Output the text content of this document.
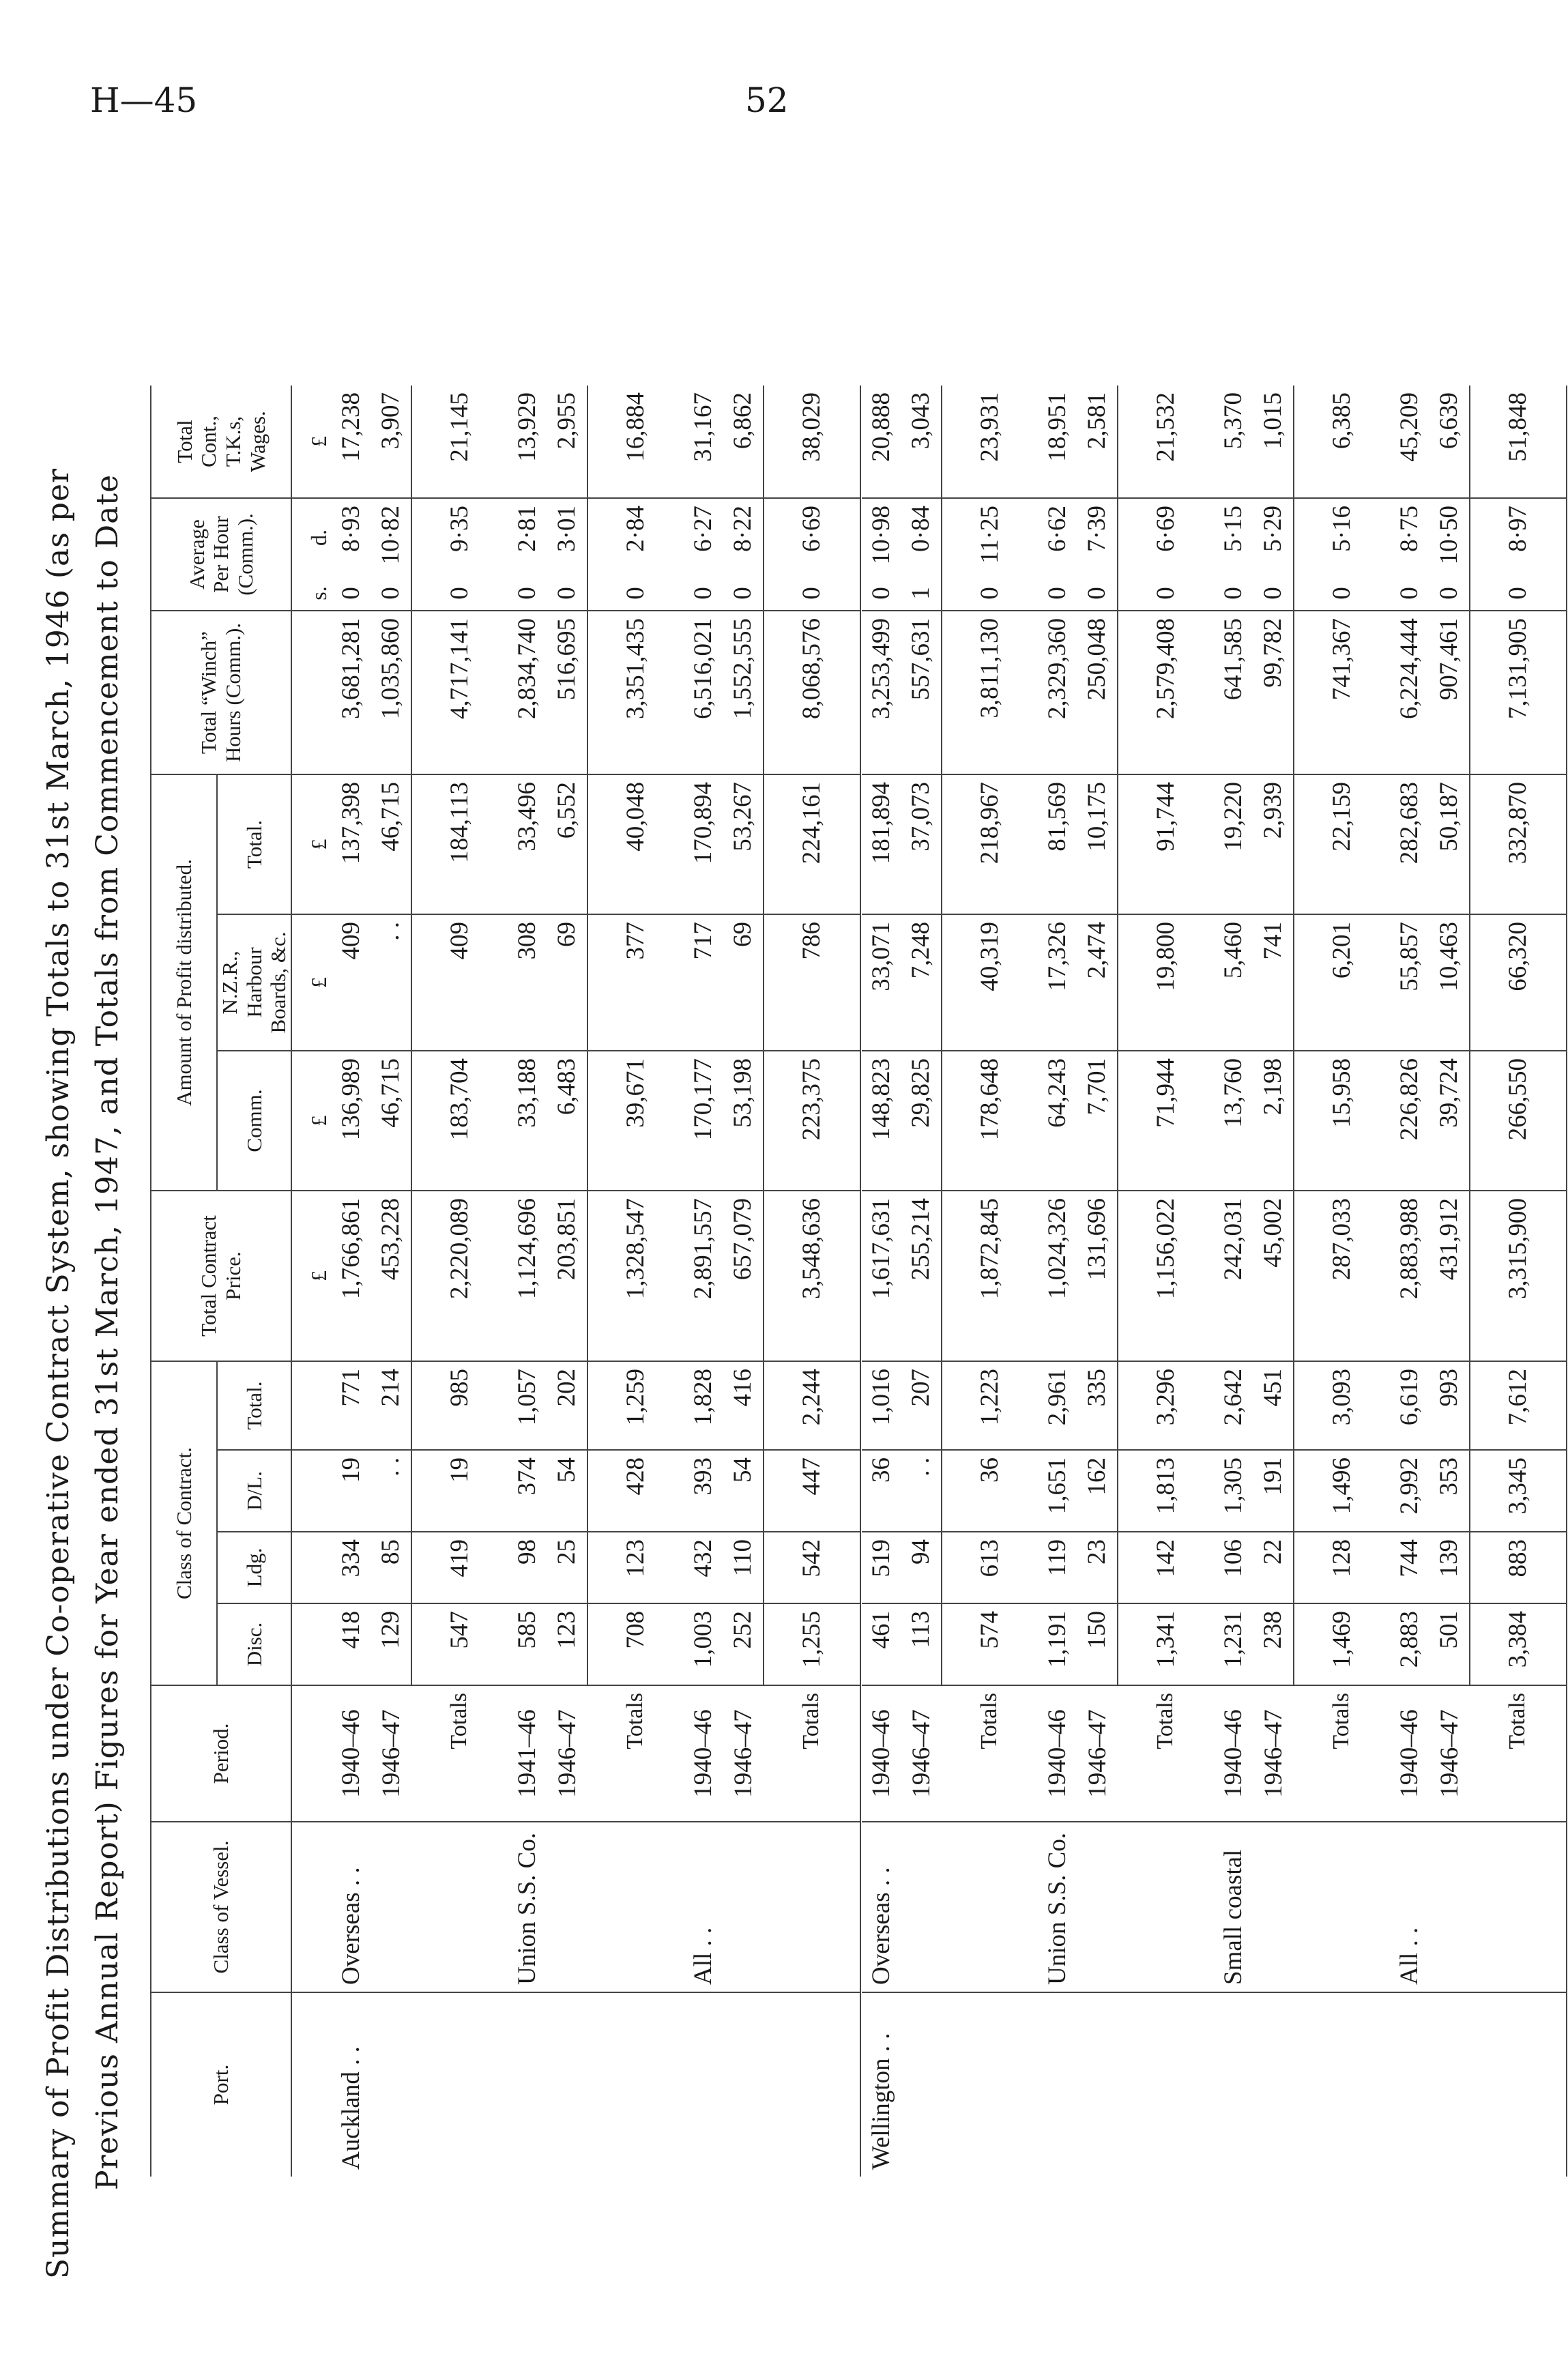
H—45	52
Summary of Profit Distributions under Co-operative Contract System, showing Totals to 31st March, 1946 (as per Previous Annual Report) Figures for Year ended 31st March, 1947, and Totals from Commencement to Date	Port.	Class of Vessel.	Period.	Class of Contract.				Total Contract Price.	Amount of Profit distributed.			Total “Winch” Hours (Comm.).	Average Per Hour (Comm.).		Total Cont., T.K.s, Wages.
			Disc.	Ldg.	D/L.	Total.		Comm.	N.Z.R., Harbour Boards, &c.	Total.				
							£	£	£	£		s.	d.	£
Auckland . .	Overseas . .	1940–46	418	334	19	771	1,766,861	136,989	409	137,398	3,681,281	0	8·93	17,238
		1946–47	129	85	. .	214	453,228	46,715	. .	46,715	1,035,860	0	10·82	3,907
		Totals	547	419	19	985	2,220,089	183,704	409	184,113	4,717,141	0	9·35	21,145
	Union S.S. Co.	1941–46	585	98	374	1,057	1,124,696	33,188	308	33,496	2,834,740	0	2·81	13,929
		1946–47	123	25	54	202	203,851	6,483	69	6,552	516,695	0	3·01	2,955
		Totals	708	123	428	1,259	1,328,547	39,671	377	40,048	3,351,435	0	2·84	16,884
	All . .	1940–46	1,003	432	393	1,828	2,891,557	170,177	717	170,894	6,516,021	0	6·27	31,167
		1946–47	252	110	54	416	657,079	53,198	69	53,267	1,552,555	0	8·22	6,862
		Totals	1,255	542	447	2,244	3,548,636	223,375	786	224,161	8,068,576	0	6·69	38,029

Wellington . .	Overseas . .	1940–46	461	519	36	1,016	1,617,631	148,823	33,071	181,894	3,253,499	0	10·98	20,888
		1946–47	113	94	. .	207	255,214	29,825	7,248	37,073	557,631	1	0·84	3,043
		Totals	574	613	36	1,223	1,872,845	178,648	40,319	218,967	3,811,130	0	11·25	23,931
	Union S.S. Co.	1940–46	1,191	119	1,651	2,961	1,024,326	64,243	17,326	81,569	2,329,360	0	6·62	18,951
		1946–47	150	23	162	335	131,696	7,701	2,474	10,175	250,048	0	7·39	2,581
		Totals	1,341	142	1,813	3,296	1,156,022	71,944	19,800	91,744	2,579,408	0	6·69	21,532
	Small coastal	1940–46	1,231	106	1,305	2,642	242,031	13,760	5,460	19,220	641,585	0	5·15	5,370
		1946–47	238	22	191	451	45,002	2,198	741	2,939	99,782	0	5·29	1,015
		Totals	1,469	128	1,496	3,093	287,033	15,958	6,201	22,159	741,367	0	5·16	6,385
	All . .	1940–46	2,883	744	2,992	6,619	2,883,988	226,826	55,857	282,683	6,224,444	0	8·75	45,209
		1946–47	501	139	353	993	431,912	39,724	10,463	50,187	907,461	0	10·50	6,639
		Totals	3,384	883	3,345	7,612	3,315,900	266,550	66,320	332,870	7,131,905	0	8·97	51,848
